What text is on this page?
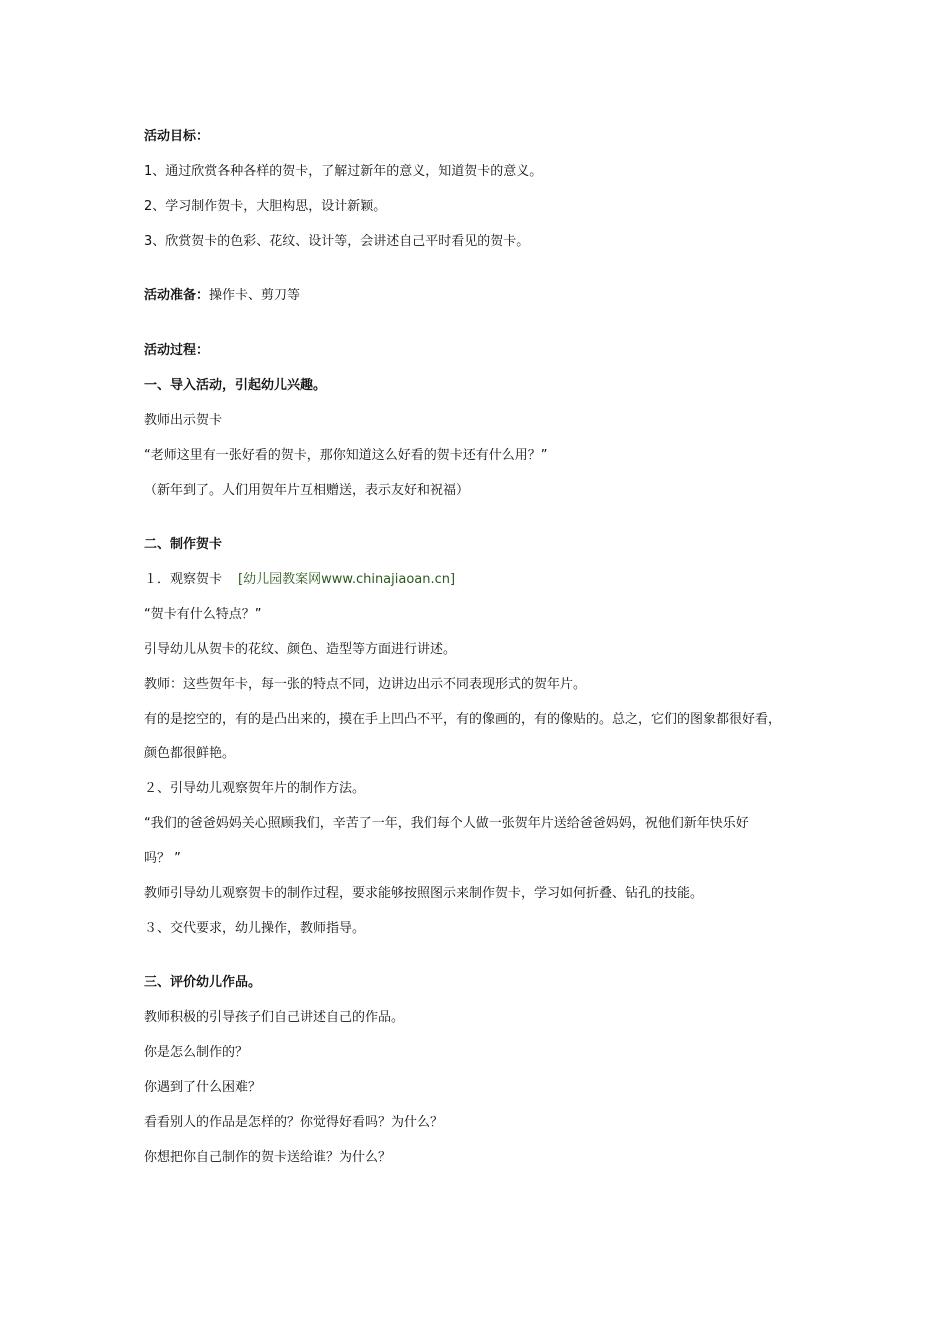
活动目标：
1、通过欣赏各种各样的贺卡，了解过新年的意义，知道贺卡的意义。
2、学习制作贺卡，大胆构思，设计新颖。
3、欣赏贺卡的色彩、花纹、设计等，会讲述自己平时看见的贺卡。
活动准备：操作卡、剪刀等
活动过程：
一、导入活动，引起幼儿兴趣。
教师出示贺卡
“老师这里有一张好看的贺卡，那你知道这么好看的贺卡还有什么用？”
（新年到了。人们用贺年片互相赠送，表示友好和祝福）
二、制作贺卡
１．观察贺卡 [幼儿园教案网www.chinajiaoan.cn]
“贺卡有什么特点？”
引导幼儿从贺卡的花纹、颜色、造型等方面进行讲述。
教师：这些贺年卡，每一张的特点不同，边讲边出示不同表现形式的贺年片。
有的是挖空的，有的是凸出来的，摸在手上凹凸不平，有的像画的，有的像贴的。总之，它们的图象都很好看，
颜色都很鲜艳。
２、引导幼儿观察贺年片的制作方法。
“我们的爸爸妈妈关心照顾我们，辛苦了一年，我们每个人做一张贺年片送给爸爸妈妈，祝他们新年快乐好
吗？ ”
教师引导幼儿观察贺卡的制作过程，要求能够按照图示来制作贺卡，学习如何折叠、钻孔的技能。
３、交代要求，幼儿操作，教师指导。
三、评价幼儿作品。
教师积极的引导孩子们自己讲述自己的作品。
你是怎么制作的？
你遇到了什么困难？
看看别人的作品是怎样的？你觉得好看吗？为什么？
你想把你自己制作的贺卡送给谁？为什么？
